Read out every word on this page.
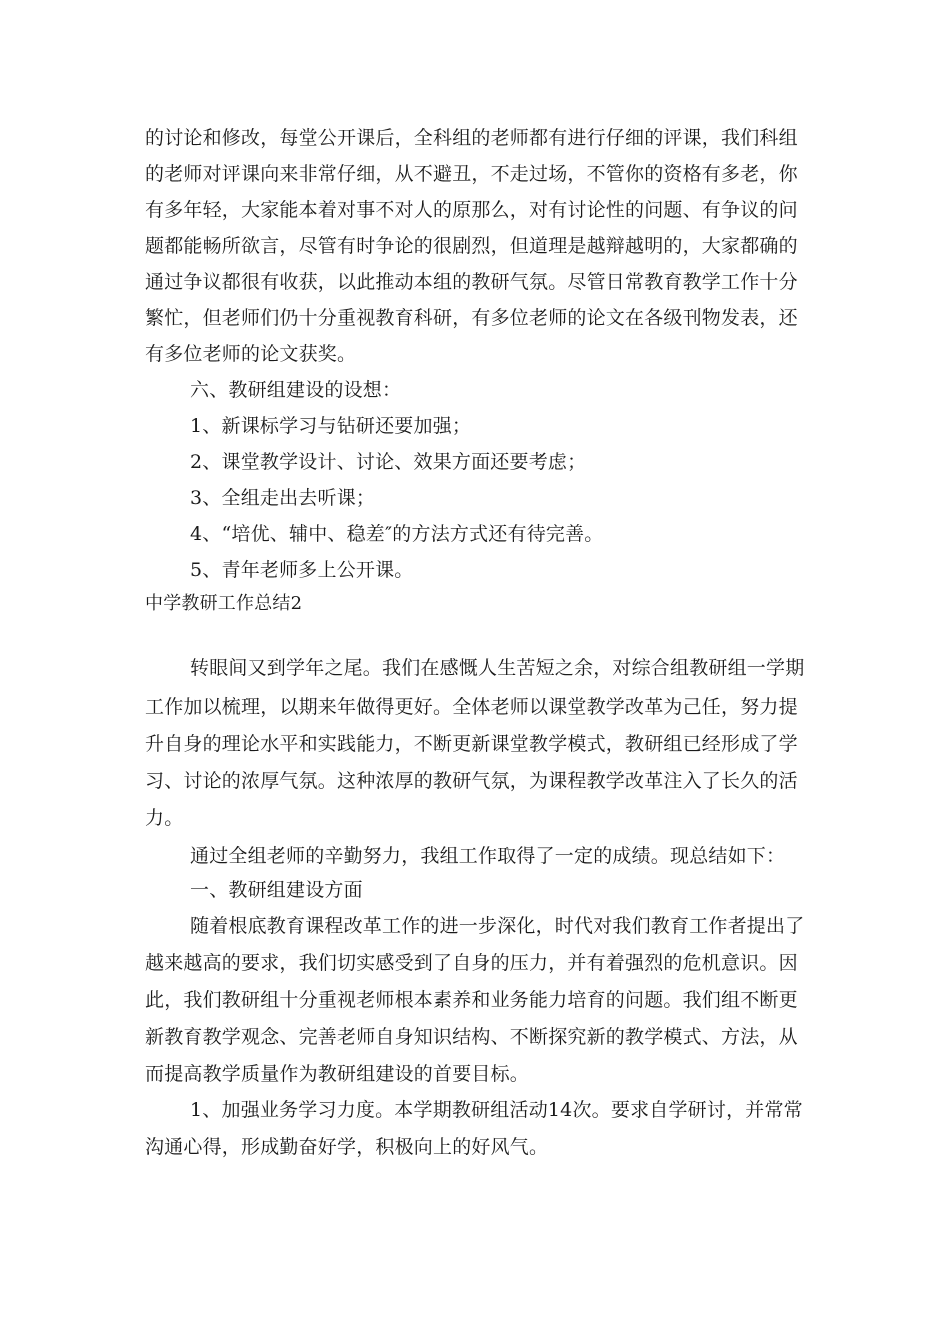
的讨论和修改，每堂公开课后，全科组的老师都有进行仔细的评课，我们科组
的老师对评课向来非常仔细，从不避丑，不走过场，不管你的资格有多老，你
有多年轻，大家能本着对事不对人的原那么，对有讨论性的问题、有争议的问
题都能畅所欲言，尽管有时争论的很剧烈，但道理是越辩越明的，大家都确的
通过争议都很有收获，以此推动本组的教研气氛。尽管日常教育教学工作十分
繁忙，但老师们仍十分重视教育科研，有多位老师的论文在各级刊物发表，还
有多位老师的论文获奖。
六、教研组建设的设想：
1、新课标学习与钻研还要加强；
2、课堂教学设计、讨论、效果方面还要考虑；
3、全组走出去听课；
4、“培优、辅中、稳差″的方法方式还有待完善。
5、青年老师多上公开课。
中学教研工作总结2
转眼间又到学年之尾。我们在感慨人生苦短之余，对综合组教研组一学期
工作加以梳理，以期来年做得更好。全体老师以课堂教学改革为己任，努力提
升自身的理论水平和实践能力，不断更新课堂教学模式，教研组已经形成了学
习、讨论的浓厚气氛。这种浓厚的教研气氛，为课程教学改革注入了长久的活
力。
通过全组老师的辛勤努力，我组工作取得了一定的成绩。现总结如下：
一、教研组建设方面
随着根底教育课程改革工作的进一步深化，时代对我们教育工作者提出了
越来越高的要求，我们切实感受到了自身的压力，并有着强烈的危机意识。因
此，我们教研组十分重视老师根本素养和业务能力培育的问题。我们组不断更
新教育教学观念、完善老师自身知识结构、不断探究新的教学模式、方法，从
而提高教学质量作为教研组建设的首要目标。
1、加强业务学习力度。本学期教研组活动14次。要求自学研讨，并常常
沟通心得，形成勤奋好学，积极向上的好风气。
